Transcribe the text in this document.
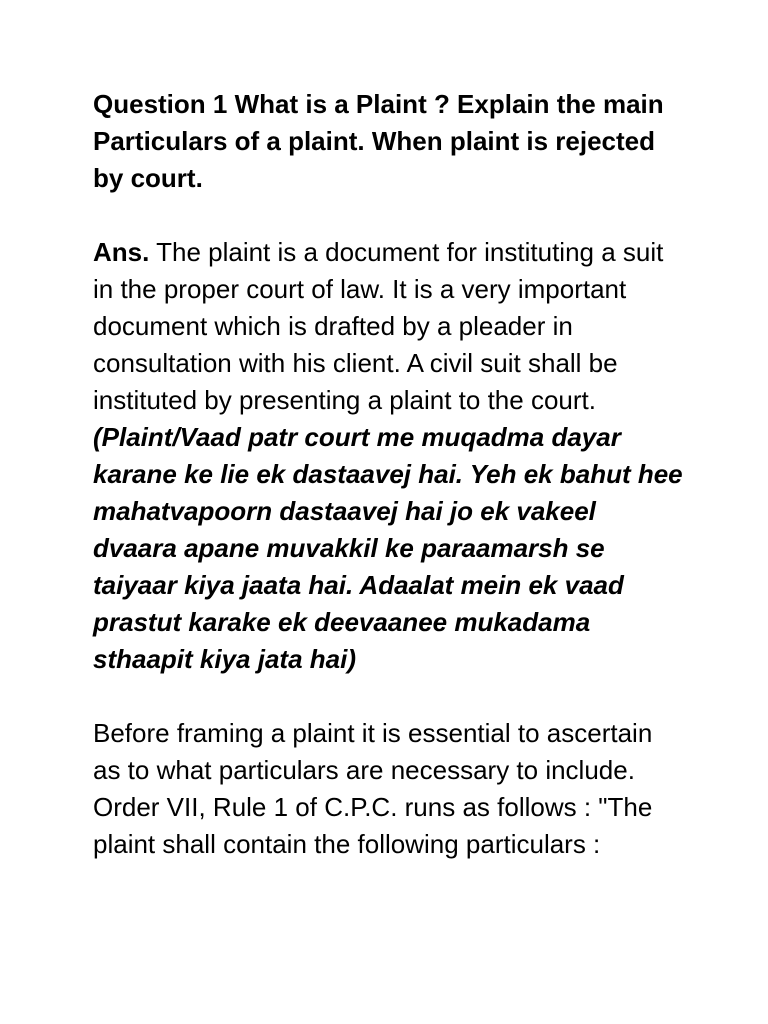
Question 1 What is a Plaint ? Explain the main Particulars of a plaint. When plaint is rejected by court.

Ans. The plaint is a document for instituting a suit in the proper court of law. It is a very important document which is drafted by a pleader in consultation with his client. A civil suit shall be instituted by presenting a plaint to the court. (Plaint/Vaad patr court me muqadma dayar karane ke lie ek dastaavej hai. Yeh ek bahut hee mahatvapoorn dastaavej hai jo ek vakeel dvaara apane muvakkil ke paraamarsh se taiyaar kiya jaata hai. Adaalat mein ek vaad prastut karake ek deevaanee mukadama sthaapit kiya jata hai)

Before framing a plaint it is essential to ascertain as to what particulars are necessary to include. Order VII, Rule 1 of C.P.C. runs as follows : "The plaint shall contain the following particulars :
